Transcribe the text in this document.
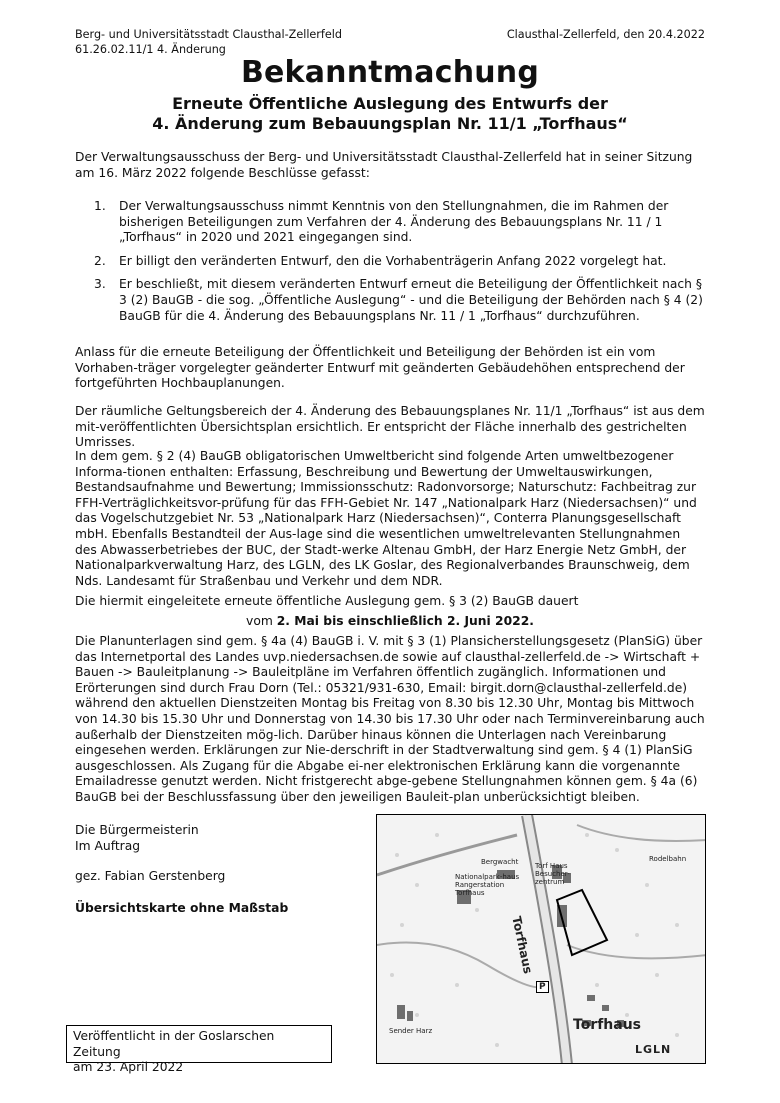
Berg- und Universitätsstadt Clausthal-Zellerfeld
61.26.02.11/1 4. Änderung
Clausthal-Zellerfeld, den 20.4.2022
Bekanntmachung
Erneute Öffentliche Auslegung des Entwurfs der
4. Änderung zum Bebauungsplan Nr. 11/1 „Torfhaus“

Der Verwaltungsausschuss der Berg- und Universitätsstadt Clausthal-Zellerfeld hat in seiner Sitzung am 16. März 2022 folgende Beschlüsse gefasst:

1. Der Verwaltungsausschuss nimmt Kenntnis von den Stellungnahmen, die im Rahmen der bisherigen Beteiligungen zum Verfahren der 4. Änderung des Bebauungsplans Nr. 11 / 1 „Torfhaus“ in 2020 und 2021 eingegangen sind.
2. Er billigt den veränderten Entwurf, den die Vorhabenträgerin Anfang 2022 vorgelegt hat.
3. Er beschließt, mit diesem veränderten Entwurf erneut die Beteiligung der Öffentlichkeit nach § 3 (2) BauGB - die sog. „Öffentliche Auslegung“ - und die Beteiligung der Behörden nach § 4 (2) BauGB für die 4. Änderung des Bebauungsplans Nr. 11 / 1 „Torfhaus“ durchzuführen.

Anlass für die erneute Beteiligung der Öffentlichkeit und Beteiligung der Behörden ist ein vom Vorhaben-träger vorgelegter geänderter Entwurf mit geänderten Gebäudehöhen entsprechend der fortgeführten Hochbauplanungen.

Der räumliche Geltungsbereich der 4. Änderung des Bebauungsplanes Nr. 11/1 „Torfhaus“ ist aus dem mit-veröffentlichten Übersichtsplan ersichtlich. Er entspricht der Fläche innerhalb des gestrichelten Umrisses.

In dem gem. § 2 (4) BauGB obligatorischen Umweltbericht sind folgende Arten umweltbezogener Informa-tionen enthalten: Erfassung, Beschreibung und Bewertung der Umweltauswirkungen, Bestandsaufnahme und Bewertung; Immissionsschutz: Radonvorsorge; Naturschutz: Fachbeitrag zur FFH-Verträglichkeitsvor-prüfung für das FFH-Gebiet Nr. 147 „Nationalpark Harz (Niedersachsen)“ und das Vogelschutzgebiet Nr. 53 „Nationalpark Harz (Niedersachsen)“, Conterra Planungsgesellschaft mbH. Ebenfalls Bestandteil der Aus-lage sind die wesentlichen umweltrelevanten Stellungnahmen des Abwasserbetriebes der BUC, der Stadt-werke Altenau GmbH, der Harz Energie Netz GmbH, der Nationalparkverwaltung Harz, des LGLN, des LK Goslar, des Regionalverbandes Braunschweig, dem Nds. Landesamt für Straßenbau und Verkehr und dem NDR.

Die hiermit eingeleitete erneute öffentliche Auslegung gem. § 3 (2) BauGB dauert

vom 2. Mai bis einschließlich 2. Juni 2022.

Die Planunterlagen sind gem. § 4a (4) BauGB i. V. mit § 3 (1) Plansicherstellungsgesetz (PlanSiG) über das Internetportal des Landes uvp.niedersachsen.de sowie auf clausthal-zellerfeld.de -> Wirtschaft + Bauen -> Bauleitplanung -> Bauleitpläne im Verfahren öffentlich zugänglich. Informationen und Erörterungen sind durch Frau Dorn (Tel.: 05321/931-630, Email: birgit.dorn@clausthal-zellerfeld.de) während den aktuellen Dienstzeiten Montag bis Freitag von 8.30 bis 12.30 Uhr, Montag bis Mittwoch von 14.30 bis 15.30 Uhr und Donnerstag von 14.30 bis 17.30 Uhr oder nach Terminvereinbarung auch außerhalb der Dienstzeiten mög-lich. Darüber hinaus können die Unterlagen nach Vereinbarung eingesehen werden. Erklärungen zur Nie-derschrift in der Stadtverwaltung sind gem. § 4 (1) PlanSiG ausgeschlossen. Als Zugang für die Abgabe ei-ner elektronischen Erklärung kann die vorgenannte Emailadresse genutzt werden. Nicht fristgerecht abge-gebene Stellungnahmen können gem. § 4a (6) BauGB bei der Beschlussfassung über den jeweiligen Bauleit-plan unberücksichtigt bleiben.

Die Bürgermeisterin
Im Auftrag
gez. Fabian Gerstenberg
Übersichtskarte ohne Maßstab
Bergwacht Torf Haus Besucher-zentrum
Nationalpark-haus Rangerstation Torfhaus
Rodelbahn
Torfhaus
Sender Harz
P
Torfhaus
LGLN
Veröffentlicht in der Goslarschen Zeitung
am 23. April 2022
